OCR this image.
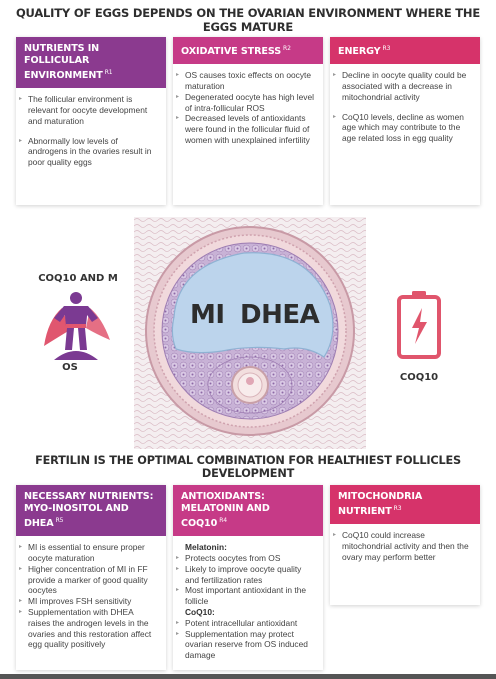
QUALITY OF EGGS DEPENDS ON THE OVARIAN ENVIRONMENT WHERE THE EGGS MATURE
NUTRIENTS IN FOLLICULAR ENVIRONMENT $^{R1}$
▸ The follicular environment is relevant for oocyte development
and maturation
▸ Abnormally low levels of androgens in the ovaries result in poor quality eggs
OXIDATIVE STRESS $^{R2}$
▸ OS causes toxic effects on oocyte maturation
▸ Degenerated oocyte has high level of intra-follicular ROS
▸ Decreased levels of antioxidants
were found in the follicular fluid of
women with unexplained infertility
ENERGY $^{R3}$
▸ Decline in oocyte quality could be associated with a decrease in mitochondrial activity
▸ CoQ10 levels, decline as women age which may contribute to the age related loss in egg quality
COQ10 AND M
OS
MI DHEA
COQ10
FERTILIN IS THE OPTIMAL COMBINATION FOR HEALTHIEST FOLLICLES DEVELOPMENT
NECESSARY NUTRIENTS: MYO-INOSITOL AND DHEA $^{R5}$
▸ MI is essential to ensure proper oocyte maturation
▸ Higher concentration of MI in FF provide a marker of good quality oocytes
▸ MI improves FSH sensitivity
▸ Supplementation with DHEA
raises the androgen levels in the ovaries and this restoration affect egg quality positively
ANTIOXIDANTS: MELATONIN AND COQ10 $^{R4}$
Melatonin:
▸ Protects oocytes from OS
▸ Likely to improve oocyte quality and fertilization rates
▸ Most important antioxidant in the follicle
CoQ10:
▸ Potent intracellular antioxidant
▸ Supplementation may protect ovarian reserve from OS induced damage
MITOCHONDRIA NUTRIENT $^{R3}$
▸ CoQ10 could increase mitochondrial activity and then the ovary may perform better
